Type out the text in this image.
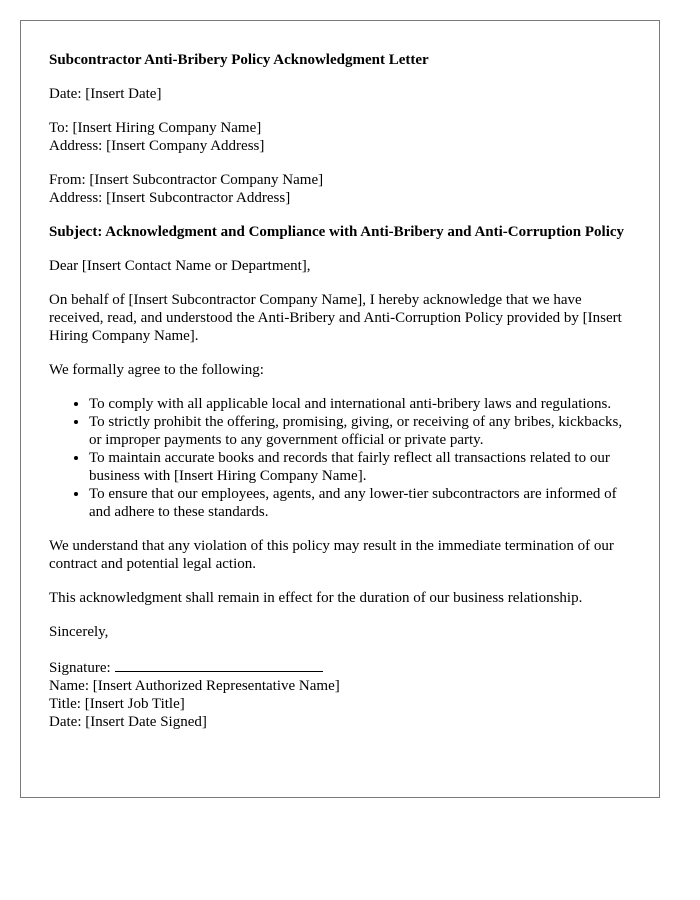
Subcontractor Anti-Bribery Policy Acknowledgment Letter

Date: [Insert Date]

To: [Insert Hiring Company Name]
Address: [Insert Company Address]

From: [Insert Subcontractor Company Name]
Address: [Insert Subcontractor Address]

Subject: Acknowledgment and Compliance with Anti-Bribery and Anti-Corruption Policy

Dear [Insert Contact Name or Department],

On behalf of [Insert Subcontractor Company Name], I hereby acknowledge that we have received, read, and understood the Anti-Bribery and Anti-Corruption Policy provided by [Insert Hiring Company Name].

We formally agree to the following:

• To comply with all applicable local and international anti-bribery laws and regulations.
• To strictly prohibit the offering, promising, giving, or receiving of any bribes, kickbacks, or improper payments to any government official or private party.
• To maintain accurate books and records that fairly reflect all transactions related to our business with [Insert Hiring Company Name].
• To ensure that our employees, agents, and any lower-tier subcontractors are informed of and adhere to these standards.

We understand that any violation of this policy may result in the immediate termination of our contract and potential legal action.

This acknowledgment shall remain in effect for the duration of our business relationship.

Sincerely,

Signature:
Name: [Insert Authorized Representative Name]
Title: [Insert Job Title]
Date: [Insert Date Signed]
